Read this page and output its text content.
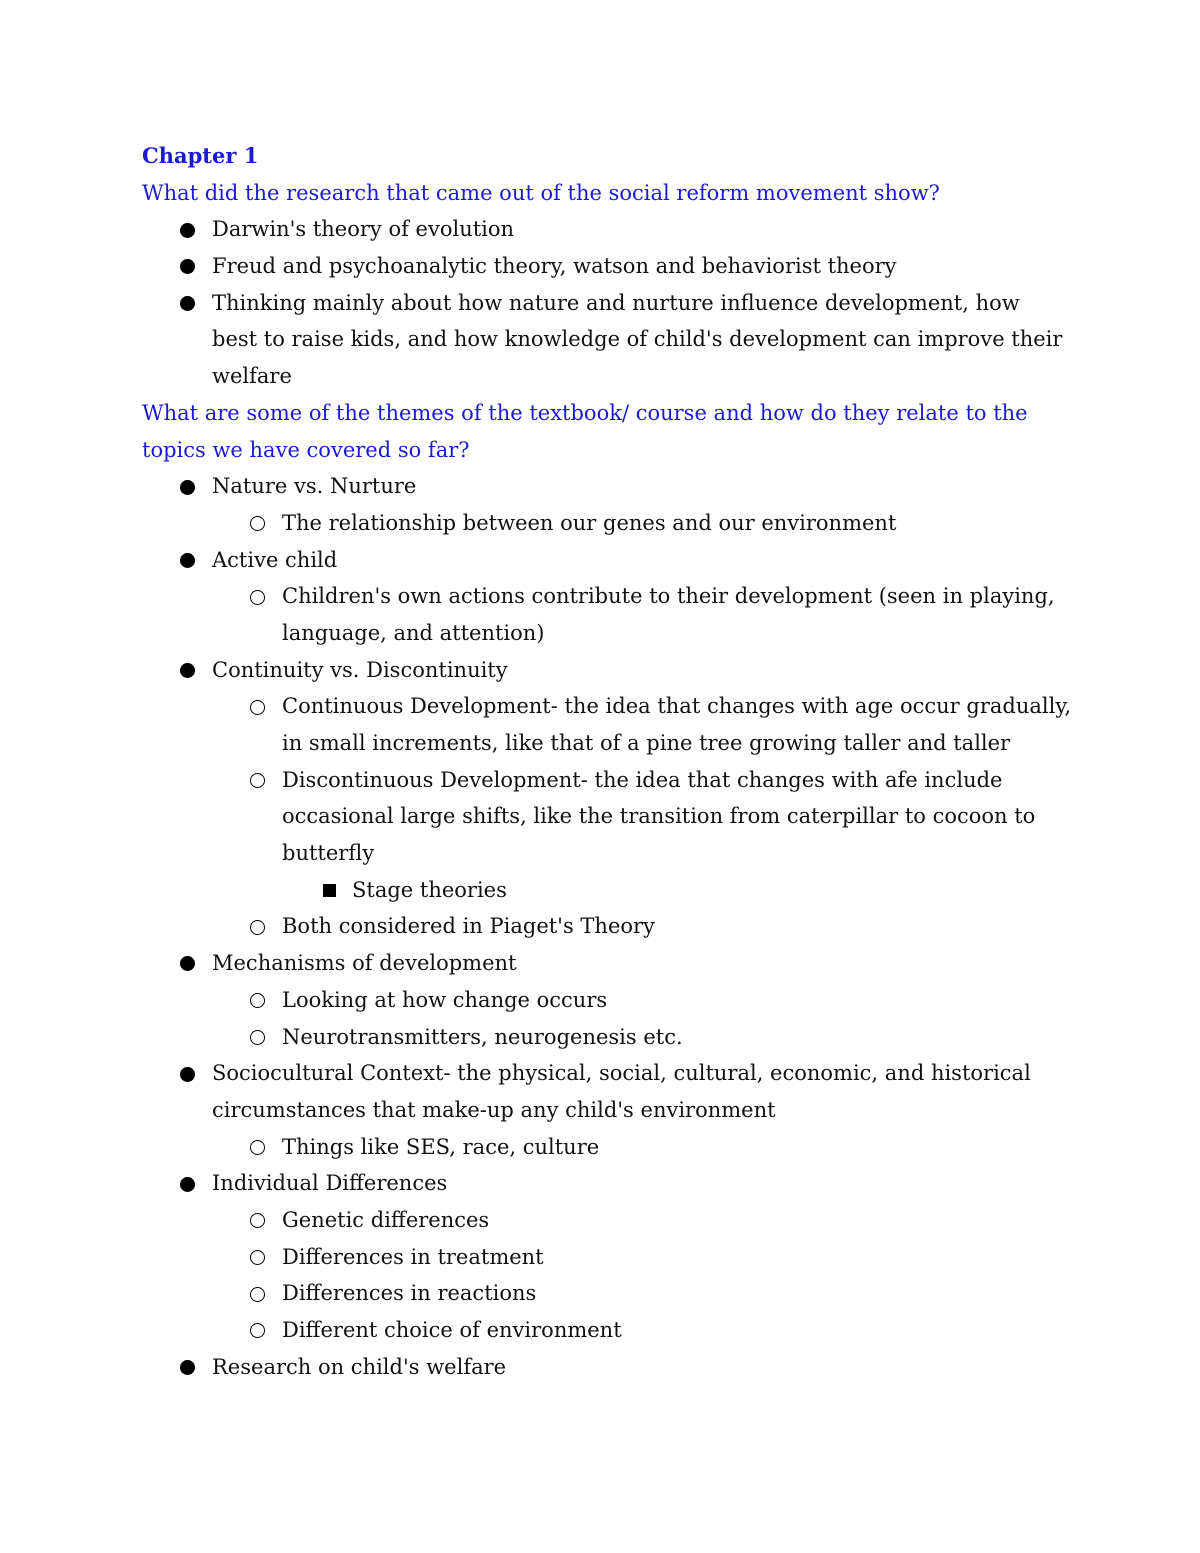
Chapter 1
What did the research that came out of the social reform movement show?
Darwin's theory of evolution
Freud and psychoanalytic theory, watson and behaviorist theory
Thinking mainly about how nature and nurture influence development, how
best to raise kids, and how knowledge of child's development can improve their
welfare
What are some of the themes of the textbook/ course and how do they relate to the
topics we have covered so far?
Nature vs. Nurture
The relationship between our genes and our environment
Active child
Children's own actions contribute to their development (seen in playing,
language, and attention)
Continuity vs. Discontinuity
Continuous Development- the idea that changes with age occur gradually,
in small increments, like that of a pine tree growing taller and taller
Discontinuous Development- the idea that changes with afe include
occasional large shifts, like the transition from caterpillar to cocoon to
butterfly
Stage theories
Both considered in Piaget's Theory
Mechanisms of development
Looking at how change occurs
Neurotransmitters, neurogenesis etc.
Sociocultural Context- the physical, social, cultural, economic, and historical
circumstances that make-up any child's environment
Things like SES, race, culture
Individual Differences
Genetic differences
Differences in treatment
Differences in reactions
Different choice of environment
Research on child's welfare
